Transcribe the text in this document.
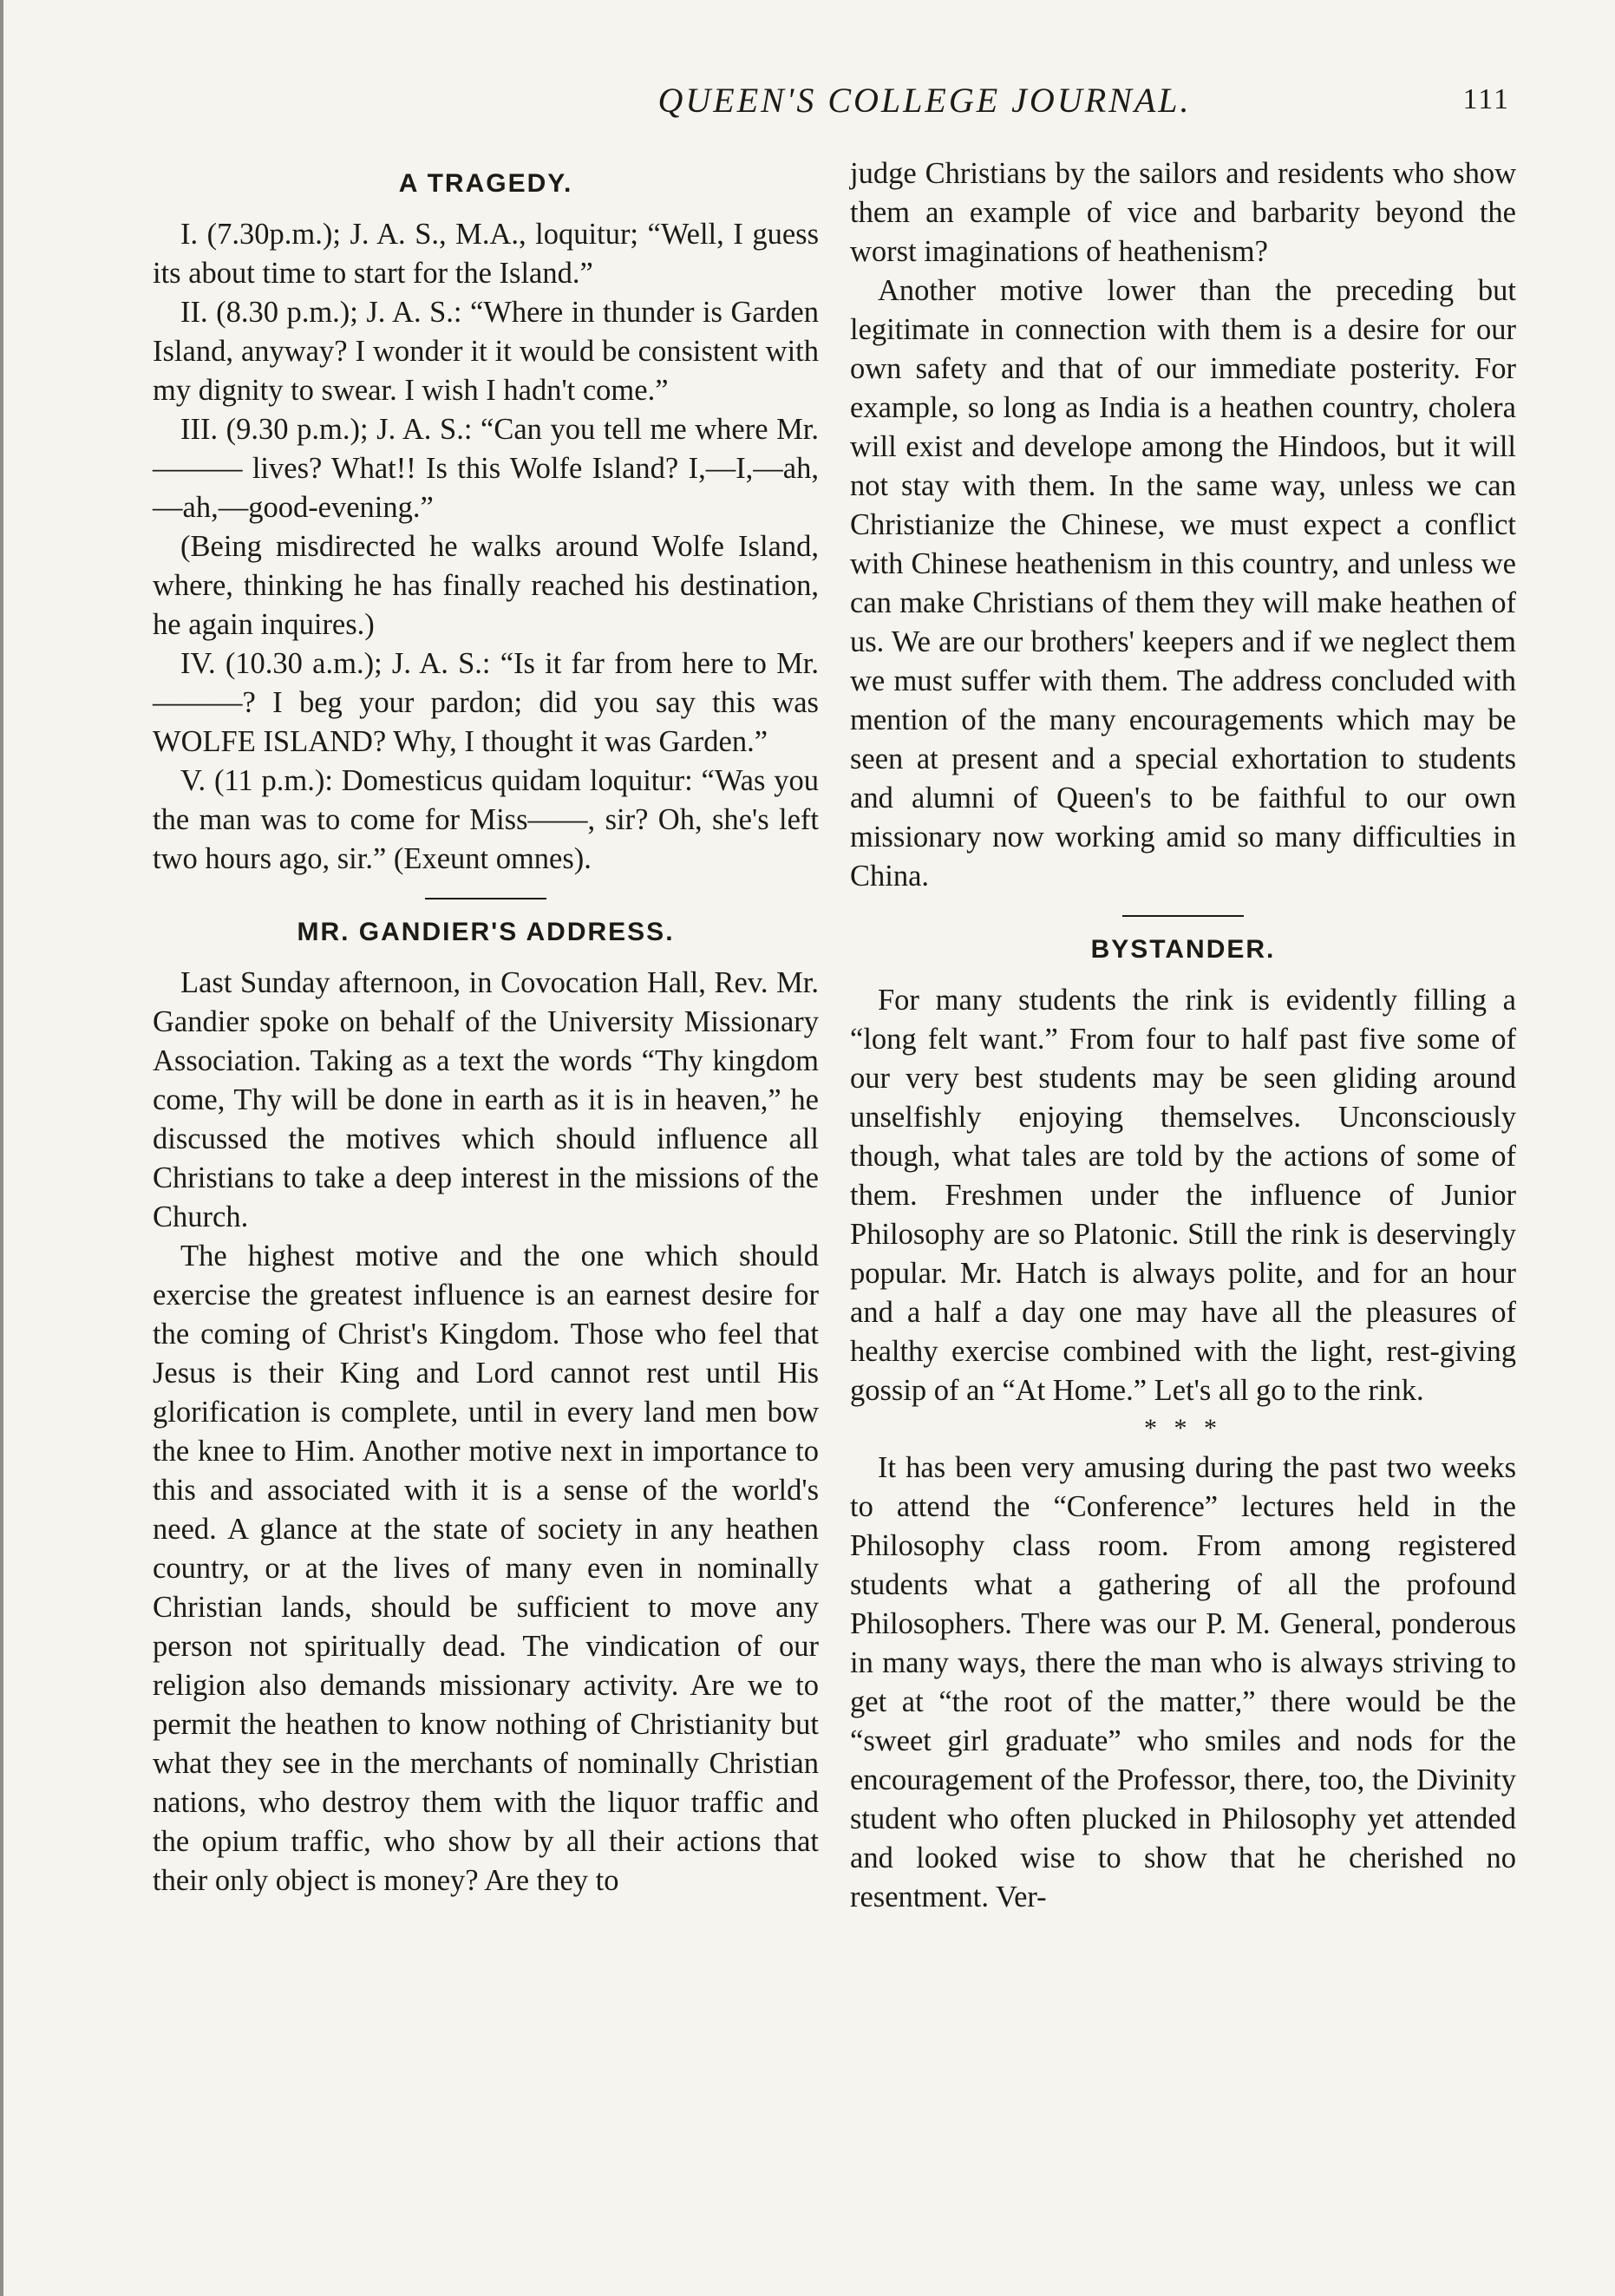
QUEEN'S COLLEGE JOURNAL.	111
A TRAGEDY.

I. (7.30p.m.); J. A. S., M.A., loquitur; “Well, I guess its about time to start for the Island.”

II. (8.30 p.m.); J. A. S.: “Where in thunder is Garden Island, anyway? I wonder it it would be consistent with my dignity to swear. I wish I hadn't come.”

III. (9.30 p.m.); J. A. S.: “Can you tell me where Mr. ——— lives? What!! Is this Wolfe Island? I,—I,—ah,—ah,—good-evening.”

(Being misdirected he walks around Wolfe Island, where, thinking he has finally reached his destination, he again inquires.)

IV. (10.30 a.m.); J. A. S.: “Is it far from here to Mr. ———? I beg your pardon; did you say this was WOLFE ISLAND? Why, I thought it was Garden.”

V. (11 p.m.): Domesticus quidam loquitur: “Was you the man was to come for Miss——, sir? Oh, she's left two hours ago, sir.” (Exeunt omnes).

MR. GANDIER'S ADDRESS.

Last Sunday afternoon, in Covocation Hall, Rev. Mr. Gandier spoke on behalf of the University Missionary Association. Taking as a text the words “Thy kingdom come, Thy will be done in earth as it is in heaven,” he discussed the motives which should influence all Christians to take a deep interest in the missions of the Church.

The highest motive and the one which should exercise the greatest influence is an earnest desire for the coming of Christ's Kingdom. Those who feel that Jesus is their King and Lord cannot rest until His glorification is complete, until in every land men bow the knee to Him. Another motive next in importance to this and associated with it is a sense of the world's need. A glance at the state of society in any heathen country, or at the lives of many even in nominally Christian lands, should be sufficient to move any person not spiritually dead. The vindication of our religion also demands missionary activity. Are we to permit the heathen to know nothing of Christianity but what they see in the merchants of nominally Christian nations, who destroy them with the liquor traffic and the opium traffic, who show by all their actions that their only object is money? Are they to

judge Christians by the sailors and residents who show them an example of vice and barbarity beyond the worst imaginations of heathenism?

Another motive lower than the preceding but legitimate in connection with them is a desire for our own safety and that of our immediate posterity. For example, so long as India is a heathen country, cholera will exist and develope among the Hindoos, but it will not stay with them. In the same way, unless we can Christianize the Chinese, we must expect a conflict with Chinese heathenism in this country, and unless we can make Christians of them they will make heathen of us. We are our brothers' keepers and if we neglect them we must suffer with them. The address concluded with mention of the many encouragements which may be seen at present and a special exhortation to students and alumni of Queen's to be faithful to our own missionary now working amid so many difficulties in China.

BYSTANDER.

For many students the rink is evidently filling a “long felt want.” From four to half past five some of our very best students may be seen gliding around unselfishly enjoying themselves. Unconsciously though, what tales are told by the actions of some of them. Freshmen under the influence of Junior Philosophy are so Platonic. Still the rink is deservingly popular. Mr. Hatch is always polite, and for an hour and a half a day one may have all the pleasures of healthy exercise combined with the light, rest-giving gossip of an “At Home.” Let's all go to the rink.

* * *

It has been very amusing during the past two weeks to attend the “Conference” lectures held in the Philosophy class room. From among registered students what a gathering of all the profound Philosophers. There was our P. M. General, ponderous in many ways, there the man who is always striving to get at “the root of the matter,” there would be the “sweet girl graduate” who smiles and nods for the encouragement of the Professor, there, too, the Divinity student who often plucked in Philosophy yet attended and looked wise to show that he cherished no resentment. Ver-
